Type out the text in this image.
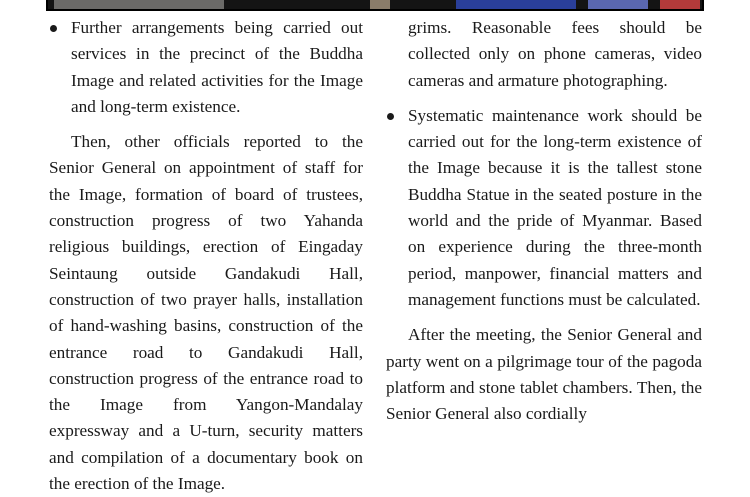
Further arrangements being carried out services in the precinct of the Buddha Image and related activities for the Image and long-term existence.

Then, other officials reported to the Senior General on appointment of staff for the Image, formation of board of trustees, construction progress of two Yahanda religious buildings, erection of Eingaday Seintaung outside Gandakudi Hall, construction of two prayer halls, installation of hand-washing basins, construction of the entrance road to Gandakudi Hall, construction progress of the entrance road to the Image from Yangon-Mandalay expressway and a U-turn, security matters and compilation of a documentary book on the erection of the Image.

grims. Reasonable fees should be collected only on phone cameras, video cameras and armature photographing.

Systematic maintenance work should be carried out for the long-term existence of the Image because it is the tallest stone Buddha Statue in the seated posture in the world and the pride of Myanmar. Based on experience during the three-month period, manpower, financial matters and management functions must be calculated.

After the meeting, the Senior General and party went on a pilgrimage tour of the pagoda platform and stone tablet chambers. Then, the Senior General also cordially
